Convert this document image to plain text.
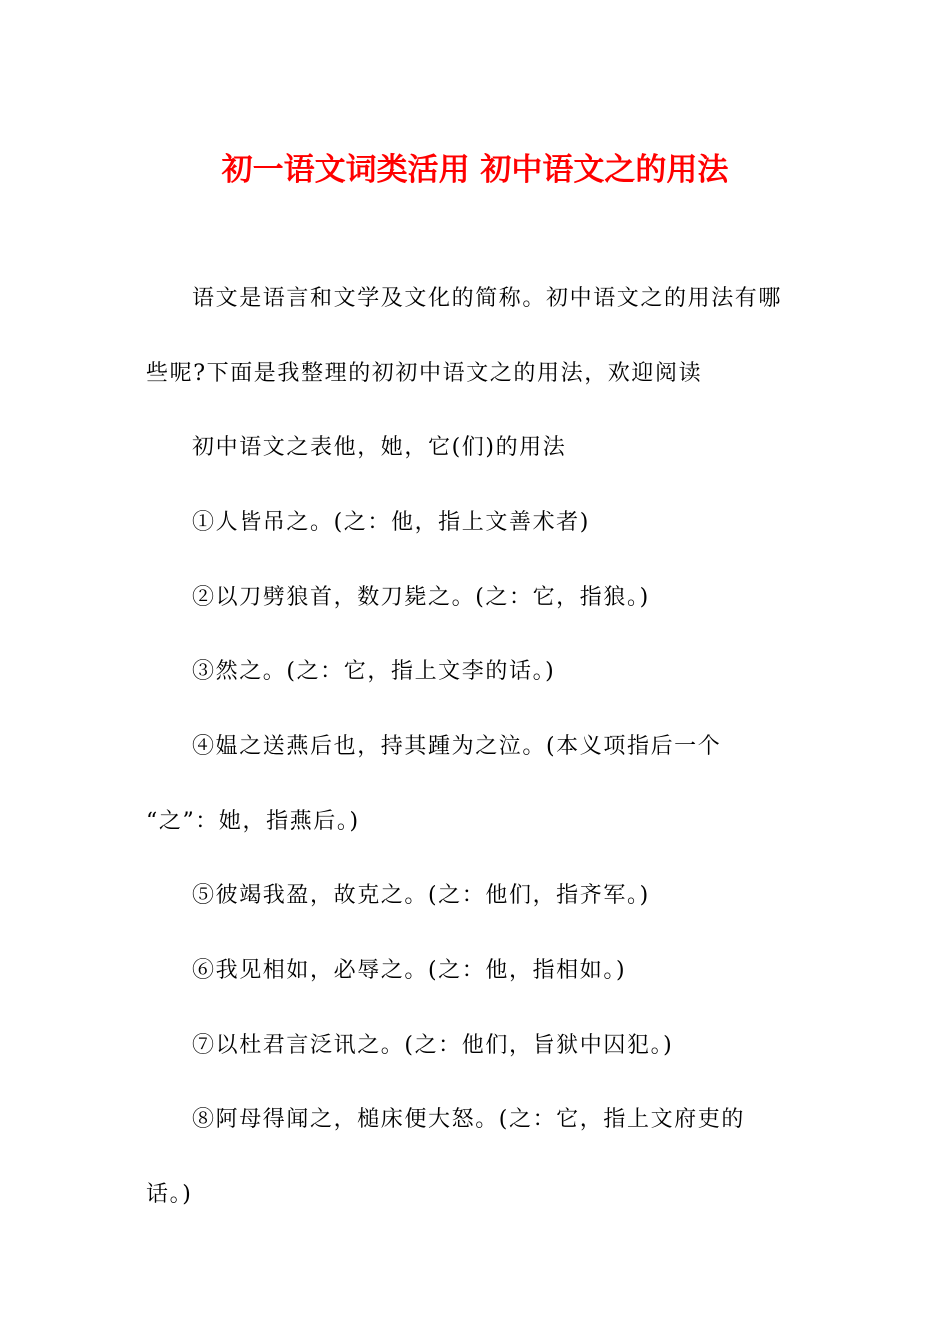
初一语文词类活用 初中语文之的用法
语文是语言和文学及文化的简称。初中语文之的用法有哪
些呢?下面是我整理的初初中语文之的用法，欢迎阅读
初中语文之表他，她，它(们)的用法
①人皆吊之。(之：他，指上文善术者)
②以刀劈狼首，数刀毙之。(之：它，指狼。)
③然之。(之：它，指上文李的话。)
④媪之送燕后也，持其踵为之泣。(本义项指后一个
“之”：她，指燕后。)
⑤彼竭我盈，故克之。(之：他们，指齐军。)
⑥我见相如，必辱之。(之：他，指相如。)
⑦以杜君言泛讯之。(之：他们，旨狱中囚犯。)
⑧阿母得闻之，槌床便大怒。(之：它，指上文府吏的
话。)
